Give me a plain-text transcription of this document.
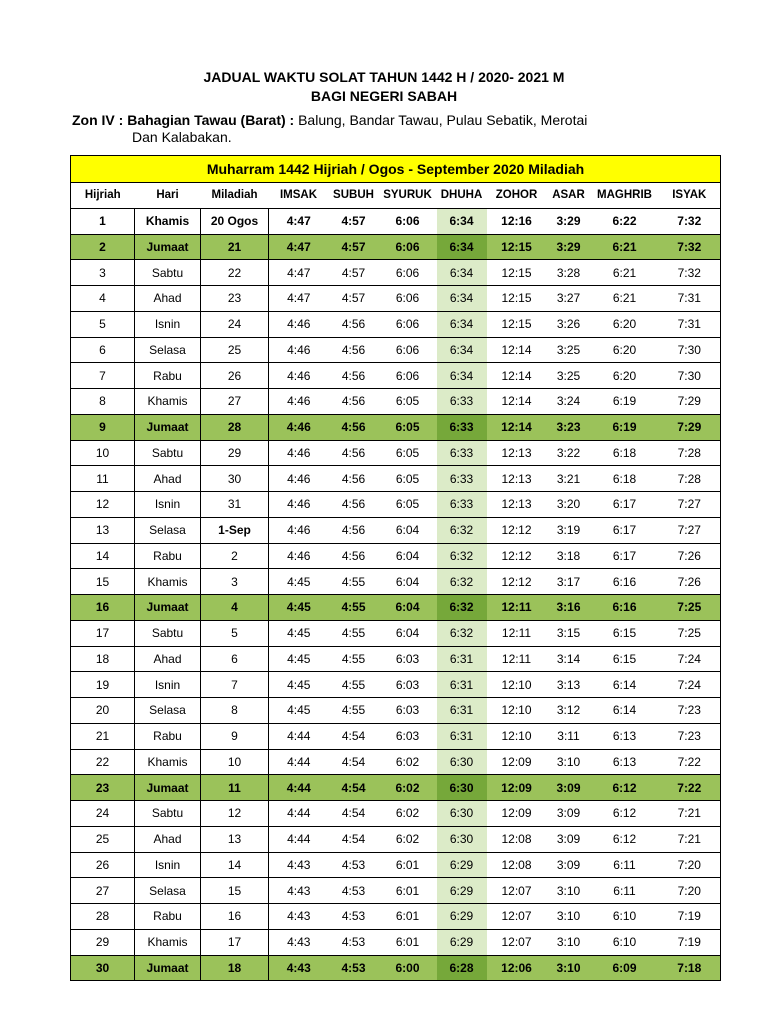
JADUAL WAKTU SOLAT TAHUN 1442 H / 2020- 2021 M
BAGI NEGERI SABAH
Zon IV : Bahagian Tawau (Barat) : Balung, Bandar Tawau, Pulau Sebatik, Merotai
Dan Kalabakan.
Muharram 1442 Hijriah / Ogos - September 2020 Miladiah										
Hijriah	Hari	Miladiah	IMSAK	SUBUH	SYURUK	DHUHA	ZOHOR	ASAR	MAGHRIB	ISYAK
1	Khamis	20 Ogos	4:47	4:57	6:06	6:34	12:16	3:29	6:22	7:32
2	Jumaat	21	4:47	4:57	6:06	6:34	12:15	3:29	6:21	7:32
3	Sabtu	22	4:47	4:57	6:06	6:34	12:15	3:28	6:21	7:32
4	Ahad	23	4:47	4:57	6:06	6:34	12:15	3:27	6:21	7:31
5	Isnin	24	4:46	4:56	6:06	6:34	12:15	3:26	6:20	7:31
6	Selasa	25	4:46	4:56	6:06	6:34	12:14	3:25	6:20	7:30
7	Rabu	26	4:46	4:56	6:06	6:34	12:14	3:25	6:20	7:30
8	Khamis	27	4:46	4:56	6:05	6:33	12:14	3:24	6:19	7:29
9	Jumaat	28	4:46	4:56	6:05	6:33	12:14	3:23	6:19	7:29
10	Sabtu	29	4:46	4:56	6:05	6:33	12:13	3:22	6:18	7:28
11	Ahad	30	4:46	4:56	6:05	6:33	12:13	3:21	6:18	7:28
12	Isnin	31	4:46	4:56	6:05	6:33	12:13	3:20	6:17	7:27
13	Selasa	1-Sep	4:46	4:56	6:04	6:32	12:12	3:19	6:17	7:27
14	Rabu	2	4:46	4:56	6:04	6:32	12:12	3:18	6:17	7:26
15	Khamis	3	4:45	4:55	6:04	6:32	12:12	3:17	6:16	7:26
16	Jumaat	4	4:45	4:55	6:04	6:32	12:11	3:16	6:16	7:25
17	Sabtu	5	4:45	4:55	6:04	6:32	12:11	3:15	6:15	7:25
18	Ahad	6	4:45	4:55	6:03	6:31	12:11	3:14	6:15	7:24
19	Isnin	7	4:45	4:55	6:03	6:31	12:10	3:13	6:14	7:24
20	Selasa	8	4:45	4:55	6:03	6:31	12:10	3:12	6:14	7:23
21	Rabu	9	4:44	4:54	6:03	6:31	12:10	3:11	6:13	7:23
22	Khamis	10	4:44	4:54	6:02	6:30	12:09	3:10	6:13	7:22
23	Jumaat	11	4:44	4:54	6:02	6:30	12:09	3:09	6:12	7:22
24	Sabtu	12	4:44	4:54	6:02	6:30	12:09	3:09	6:12	7:21
25	Ahad	13	4:44	4:54	6:02	6:30	12:08	3:09	6:12	7:21
26	Isnin	14	4:43	4:53	6:01	6:29	12:08	3:09	6:11	7:20
27	Selasa	15	4:43	4:53	6:01	6:29	12:07	3:10	6:11	7:20
28	Rabu	16	4:43	4:53	6:01	6:29	12:07	3:10	6:10	7:19
29	Khamis	17	4:43	4:53	6:01	6:29	12:07	3:10	6:10	7:19
30	Jumaat	18	4:43	4:53	6:00	6:28	12:06	3:10	6:09	7:18
